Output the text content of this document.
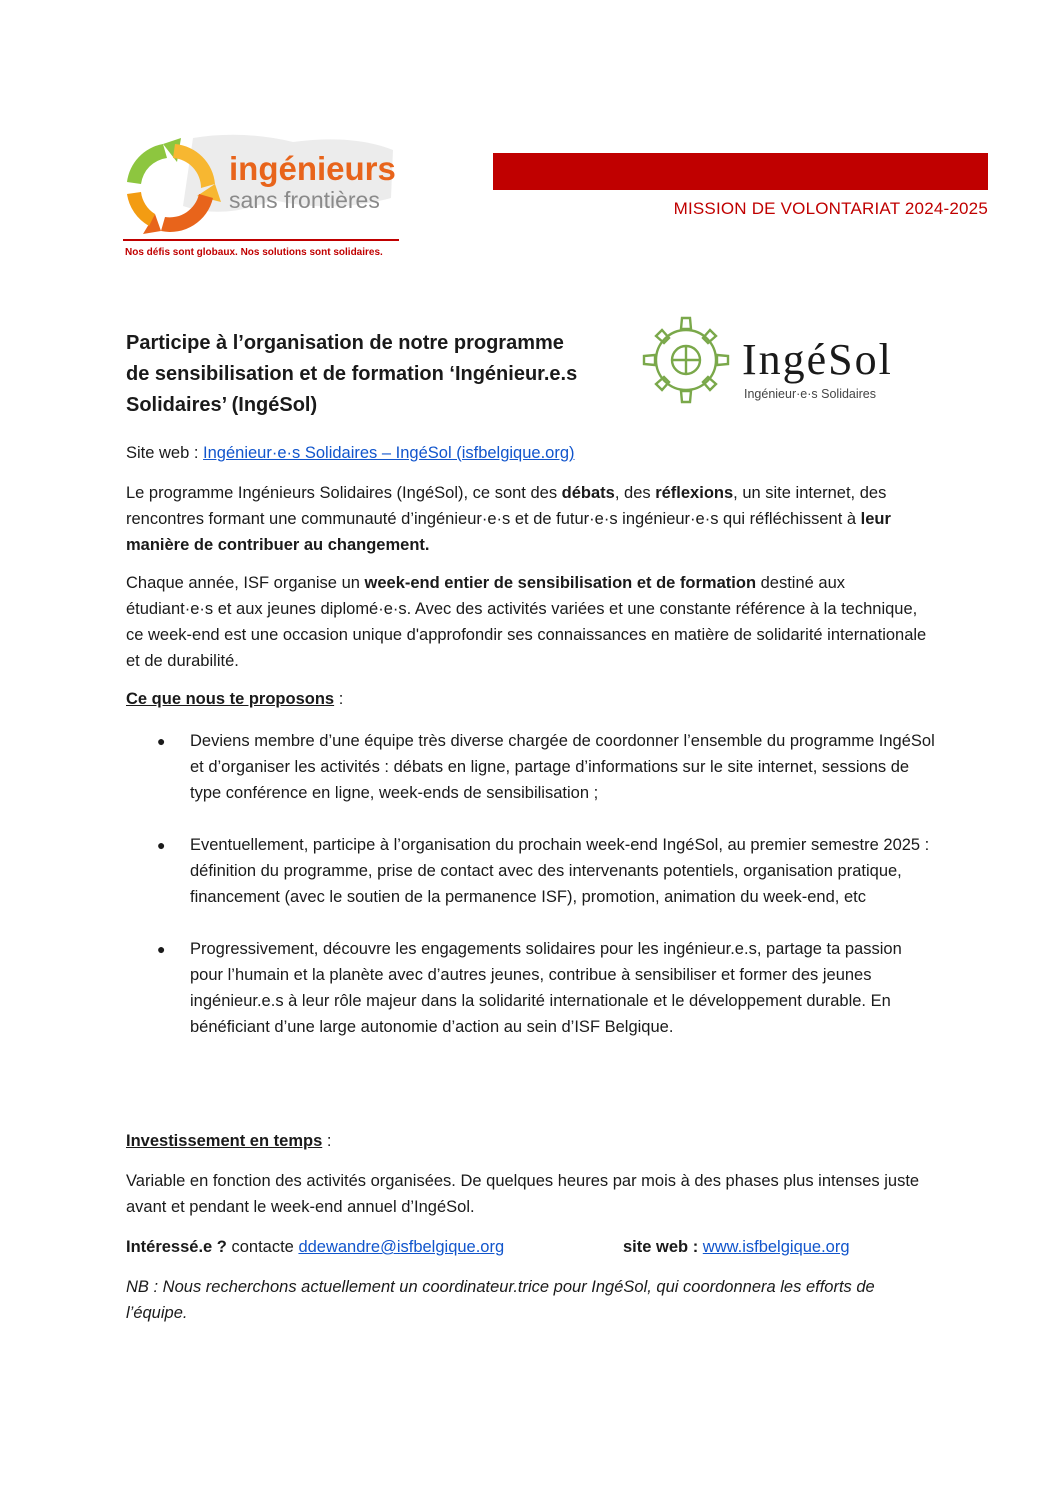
ingénieurs
sans frontières
Nos défis sont globaux. Nos solutions sont solidaires.
MISSION DE VOLONTARIAT 2024-2025
Participe à l’organisation de notre programme
de sensibilisation et de formation ‘Ingénieur.e.s
Solidaires’ (IngéSol)
IngéSol
Ingénieur·e·s Solidaires
Site web : Ingénieur·e·s Solidaires – IngéSol (isfbelgique.org)
Le programme Ingénieurs Solidaires (IngéSol), ce sont des débats, des réflexions, un site internet, des rencontres formant une communauté d’ingénieur·e·s et de futur·e·s ingénieur·e·s qui réfléchissent à leur manière de contribuer au changement.
Chaque année, ISF organise un week-end entier de sensibilisation et de formation destiné aux étudiant·e·s et aux jeunes diplomé·e·s. Avec des activités variées et une constante référence à la technique, ce week-end est une occasion unique d'approfondir ses connaissances en matière de solidarité internationale et de durabilité.
Ce que nous te proposons :
● Deviens membre d’une équipe très diverse chargée de coordonner l’ensemble du programme IngéSol et d’organiser les activités : débats en ligne, partage d’informations sur le site internet, sessions de type conférence en ligne, week-ends de sensibilisation ;
● Eventuellement, participe à l’organisation du prochain week-end IngéSol, au premier semestre 2025 : définition du programme, prise de contact avec des intervenants potentiels, organisation pratique, financement (avec le soutien de la permanence ISF), promotion, animation du week-end, etc
● Progressivement, découvre les engagements solidaires pour les ingénieur.e.s, partage ta passion pour l’humain et la planète avec d’autres jeunes, contribue à sensibiliser et former des jeunes ingénieur.e.s à leur rôle majeur dans la solidarité internationale et le développement durable. En bénéficiant d’une large autonomie d’action au sein d’ISF Belgique.
Investissement en temps :
Variable en fonction des activités organisées. De quelques heures par mois à des phases plus intenses juste avant et pendant le week-end annuel d’IngéSol.
Intéressé.e ? contacte ddewandre@isfbelgique.org	site web : www.isfbelgique.org
NB : Nous recherchons actuellement un coordinateur.trice pour IngéSol, qui coordonnera les efforts de l’équipe.
